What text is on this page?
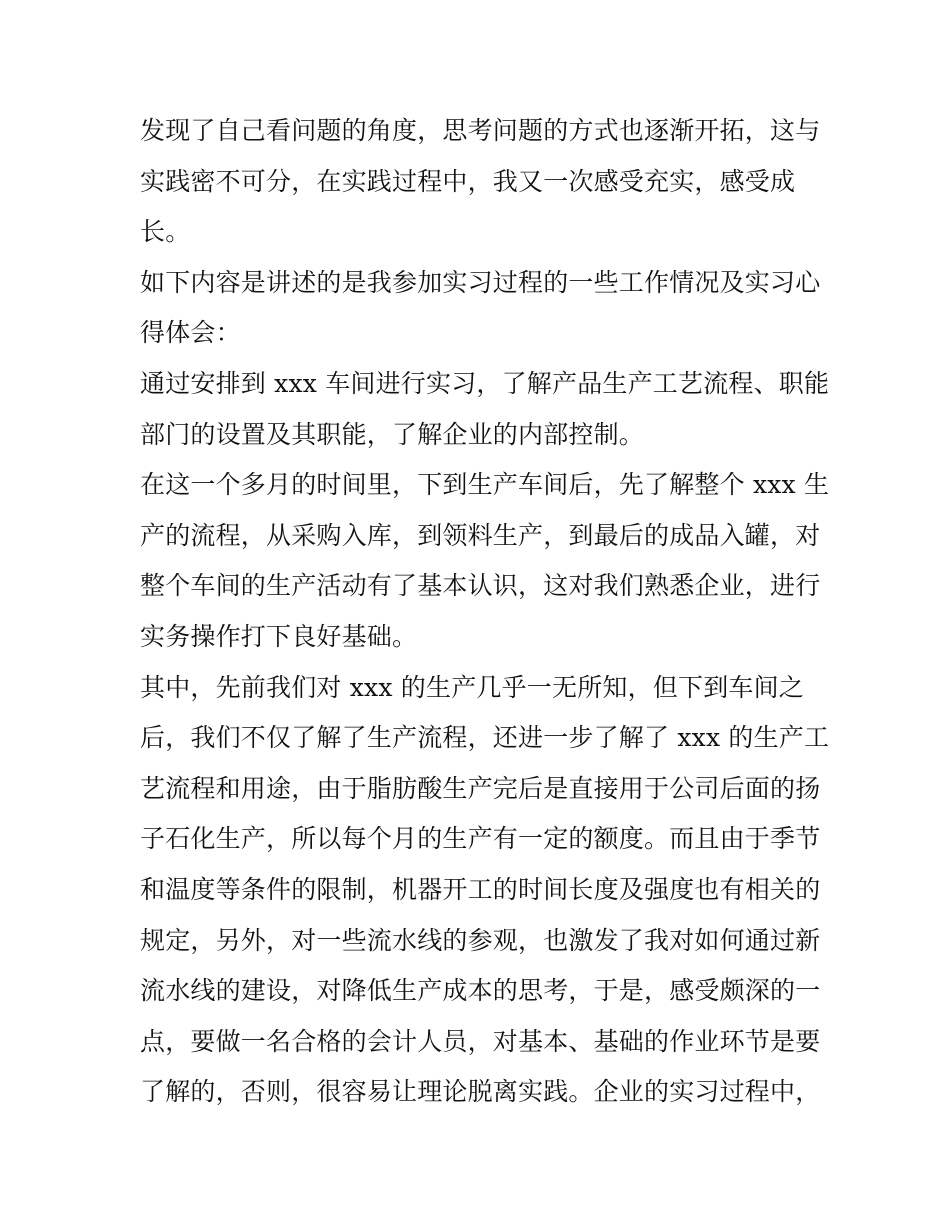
发现了自己看问题的角度，思考问题的方式也逐渐开拓，这与
实践密不可分，在实践过程中，我又一次感受充实，感受成
长。
如下内容是讲述的是我参加实习过程的一些工作情况及实习心
得体会：
通过安排到 xxx 车间进行实习，了解产品生产工艺流程、职能
部门的设置及其职能，了解企业的内部控制。
在这一个多月的时间里，下到生产车间后，先了解整个 xxx 生
产的流程，从采购入库，到领料生产，到最后的成品入罐，对
整个车间的生产活动有了基本认识，这对我们熟悉企业，进行
实务操作打下良好基础。
其中，先前我们对 xxx 的生产几乎一无所知，但下到车间之
后，我们不仅了解了生产流程，还进一步了解了 xxx 的生产工
艺流程和用途，由于脂肪酸生产完后是直接用于公司后面的扬
子石化生产，所以每个月的生产有一定的额度。而且由于季节
和温度等条件的限制，机器开工的时间长度及强度也有相关的
规定，另外，对一些流水线的参观，也激发了我对如何通过新
流水线的建设，对降低生产成本的思考，于是，感受颇深的一
点，要做一名合格的会计人员，对基本、基础的作业环节是要
了解的，否则，很容易让理论脱离实践。企业的实习过程中，
